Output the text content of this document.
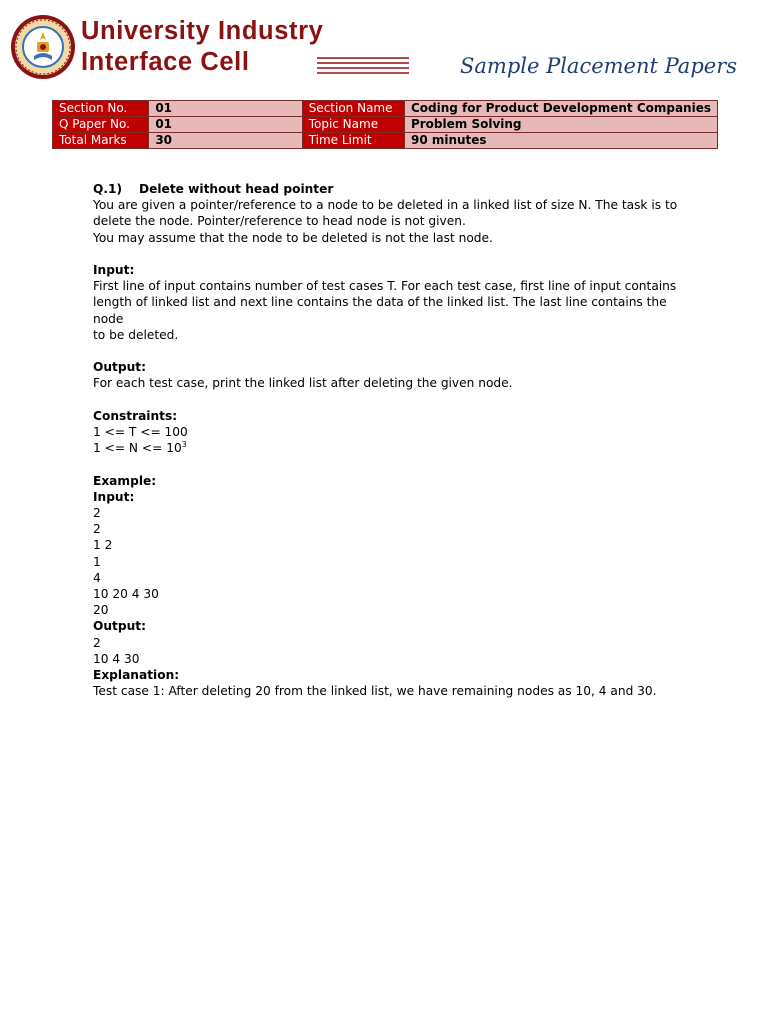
University Industry
Interface Cell	Sample Placement Papers
Section No.	01	Section Name	Coding for Product Development Companies
Q Paper No.	01	Topic Name	Problem Solving
Total Marks	30	Time Limit	90 minutes

Q.1) Delete without head pointer

You are given a pointer/reference to a node to be deleted in a linked list of size N. The task is to

delete the node. Pointer/reference to head node is not given.

You may assume that the node to be deleted is not the last node.

Input:

First line of input contains number of test cases T. For each test case, first line of input contains

length of linked list and next line contains the data of the linked list. The last line contains the node

to be deleted.

Output:

For each test case, print the linked list after deleting the given node.

Constraints:

1 <= T <= 100

$1 <= N <= 10^3$

Example:

Input:

2

2

1 2

1

4

10 20 4 30

20

Output:

2

10 4 30

Explanation:

Test case 1: After deleting 20 from the linked list, we have remaining nodes as 10, 4 and 30.
